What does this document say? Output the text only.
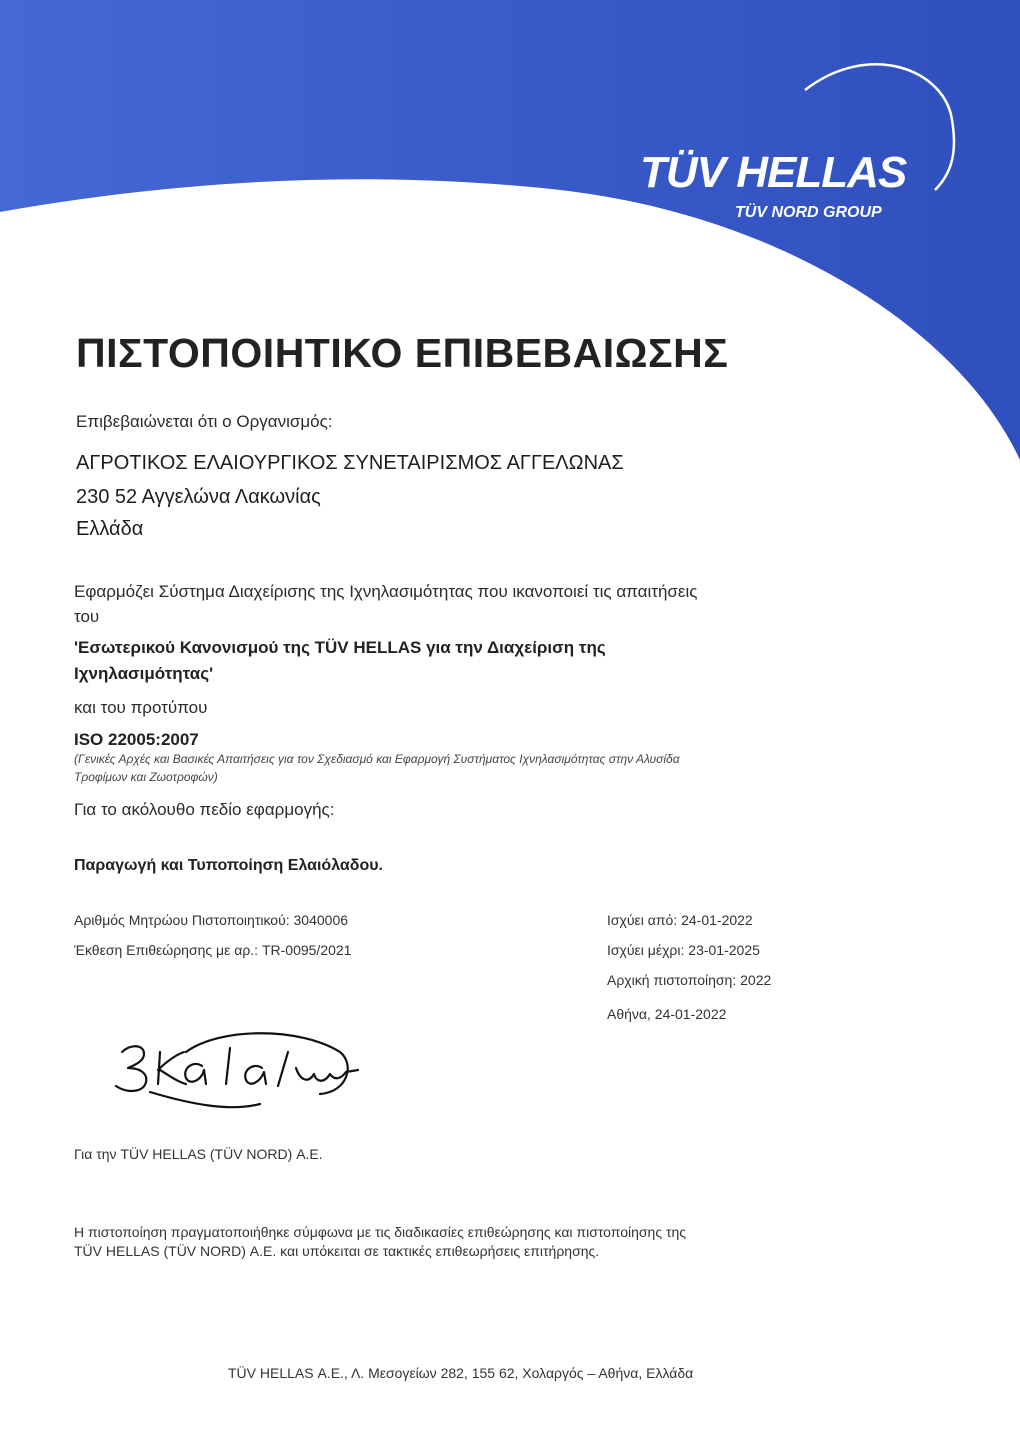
TÜV HELLAS
TÜV NORD GROUP
ΠΙΣΤΟΠΟΙΗΤΙΚΟ ΕΠΙΒΕΒΑΙΩΣΗΣ
Επιβεβαιώνεται ότι ο Οργανισμός:
ΑΓΡΟΤΙΚΟΣ ΕΛΑΙΟΥΡΓΙΚΟΣ ΣΥΝΕΤΑΙΡΙΣΜΟΣ ΑΓΓΕΛΩΝΑΣ
230 52 Αγγελώνα Λακωνίας
Ελλάδα
Εφαρμόζει Σύστημα Διαχείρισης της Ιχνηλασιμότητας που ικανοποιεί τις απαιτήσεις
του
'Εσωτερικού Κανονισμού της TÜV HELLAS για την Διαχείριση της
Ιχνηλασιμότητας'
και του προτύπου
ISO 22005:2007
(Γενικές Αρχές και Βασικές Απαιτήσεις για τον Σχεδιασμό και Εφαρμογή Συστήματος Ιχνηλασιμότητας στην Αλυσίδα
Τροφίμων και Ζωοτροφών)
Για το ακόλουθο πεδίο εφαρμογής:
Παραγωγή και Τυποποίηση Ελαιόλαδου.
Αριθμός Μητρώου Πιστοποιητικού: 3040006
Έκθεση Επιθεώρησης με αρ.: TR-0095/2021
Ισχύει από: 24-01-2022
Ισχύει μέχρι: 23-01-2025
Αρχική πιστοποίηση: 2022
Αθήνα, 24-01-2022
Για την TÜV HELLAS (TÜV NORD) Α.Ε.
Η πιστοποίηση πραγματοποιήθηκε σύμφωνα με τις διαδικασίες επιθεώρησης και πιστοποίησης της
TÜV HELLAS (TÜV NORD) Α.Ε. και υπόκειται σε τακτικές επιθεωρήσεις επιτήρησης.
TÜV HELLAS Α.Ε., Λ. Μεσογείων 282, 155 62, Χολαργός – Αθήνα, Ελλάδα
